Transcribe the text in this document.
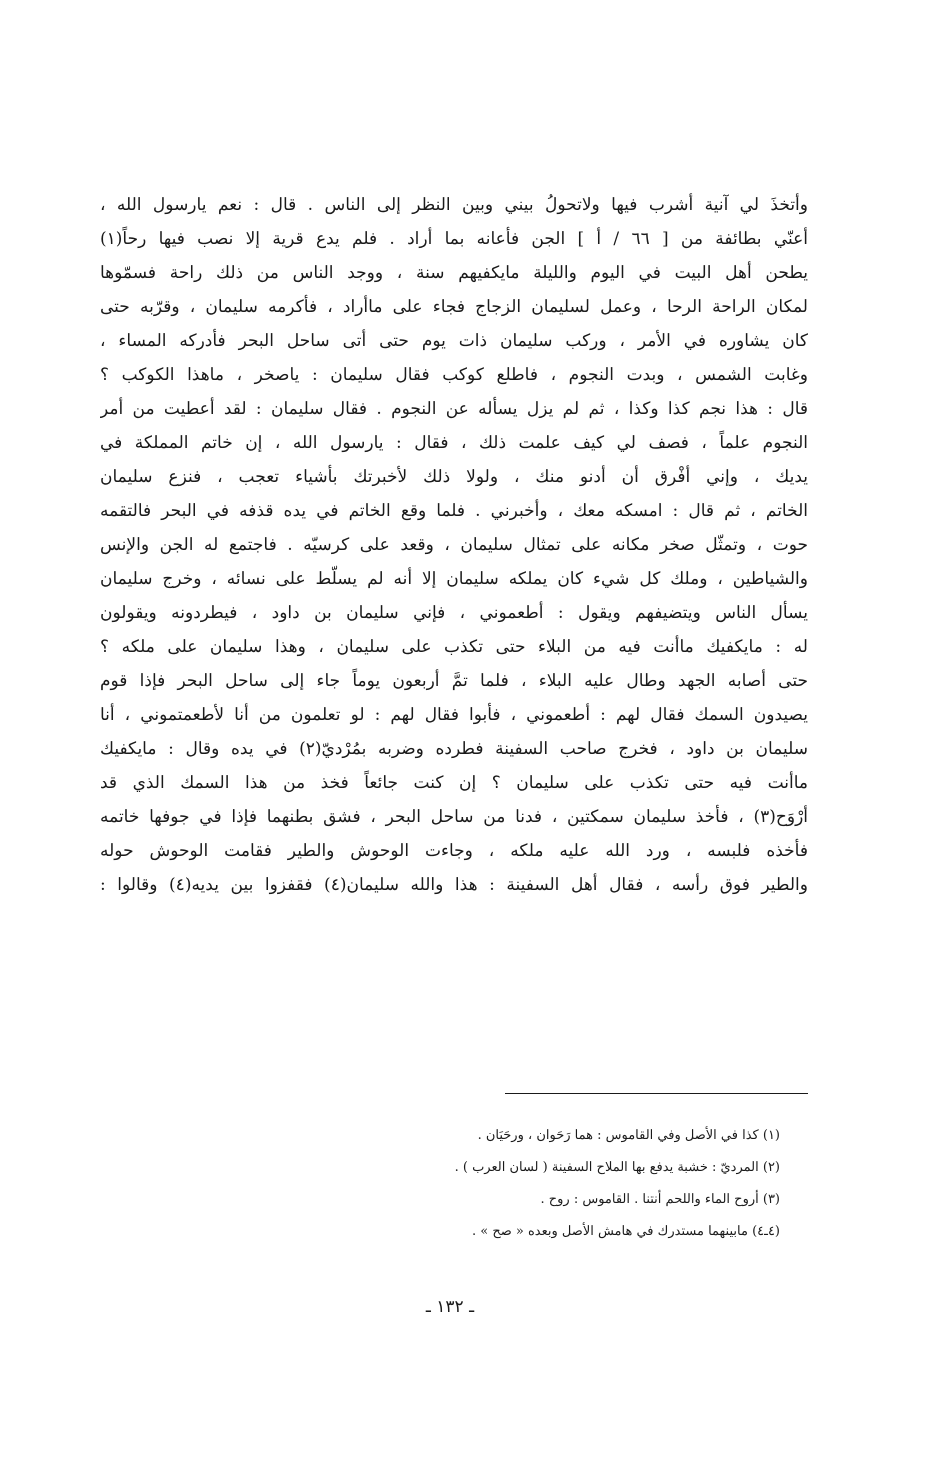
وأتخذَ لي آنية أشرب فيها ولاتحولُ بيني وبين النظر إلى الناس . قال : نعم يارسول الله ،
أعنّي بطائفة من [ ٦٦ / أ ] الجن فأعانه بما أراد . فلم يدع قرية إلا نصب فيها رحاً(١)
يطحن أهل البيت في اليوم والليلة مايكفيهم سنة ، ووجد الناس من ذلك راحة فسمّوها
لمكان الراحة الرحا ، وعمل لسليمان الزجاج فجاء على ماأراد ، فأكرمه سليمان ، وقرّبه حتى
كان يشاوره في الأمر ، وركب سليمان ذات يوم حتى أتى ساحل البحر فأدركه المساء ،
وغابت الشمس ، وبدت النجوم ، فاطلع كوكب فقال سليمان : ياصخر ، ماهذا الكوكب ؟
قال : هذا نجم كذا وكذا ، ثم لم يزل يسأله عن النجوم . فقال سليمان : لقد أعطيت من أمر
النجوم علماً ، فصف لي كيف علمت ذلك ، فقال : يارسول الله ، إن خاتم المملكة في
يديك ، وإني أفْرق أن أدنو منك ، ولولا ذلك لأخبرتك بأشياء تعجب ، فنزع سليمان
الخاتم ، ثم قال : امسكه معك ، وأخبرني . فلما وقع الخاتم في يده قذفه في البحر فالتقمه
حوت ، وتمثّل صخر مكانه على تمثال سليمان ، وقعد على كرسيّه . فاجتمع له الجن والإنس
والشياطين ، وملك كل شيء كان يملكه سليمان إلا أنه لم يسلّط على نسائه ، وخرج سليمان
يسأل الناس ويتضيفهم ويقول : أطعموني ، فإني سليمان بن داود ، فيطردونه ويقولون
له : مايكفيك ماأنت فيه من البلاء حتى تكذب على سليمان ، وهذا سليمان على ملكه ؟
حتى أصابه الجهد وطال عليه البلاء ، فلما تمَّ أربعون يوماً جاء إلى ساحل البحر فإذا قوم
يصيدون السمك فقال لهم : أطعموني ، فأبوا فقال لهم : لو تعلمون من أنا لأطعمتموني ، أنا
سليمان بن داود ، فخرج صاحب السفينة فطرده وضربه بمُرْديّ(٢) في يده وقال : مايكفيك
ماأنت فيه حتى تكذب على سليمان ؟ إن كنت جائعاً فخذ من هذا السمك الذي قد
أرْوَح(٣) ، فأخذ سليمان سمكتين ، فدنا من ساحل البحر ، فشق بطنهما فإذا في جوفها خاتمه
فأخذه فلبسه ، ورد الله عليه ملكه ، وجاءت الوحوش والطير فقامت الوحوش حوله
والطير فوق رأسه ، فقال أهل السفينة : هذا والله سليمان(٤) فقفزوا بين يديه(٤) وقالوا :
(١) كذا في الأصل وفي القاموس : هما رَحَوان ، ورحَيَان .
(٢) المرديّ : خشبة يدفع بها الملاح السفينة ( لسان العرب ) .
(٣) أروح الماء واللحم أنتنا . القاموس : روح .
(٤ـ٤) مابينهما مستدرك في هامش الأصل وبعده « صح » .
ـ ١٣٢ ـ
